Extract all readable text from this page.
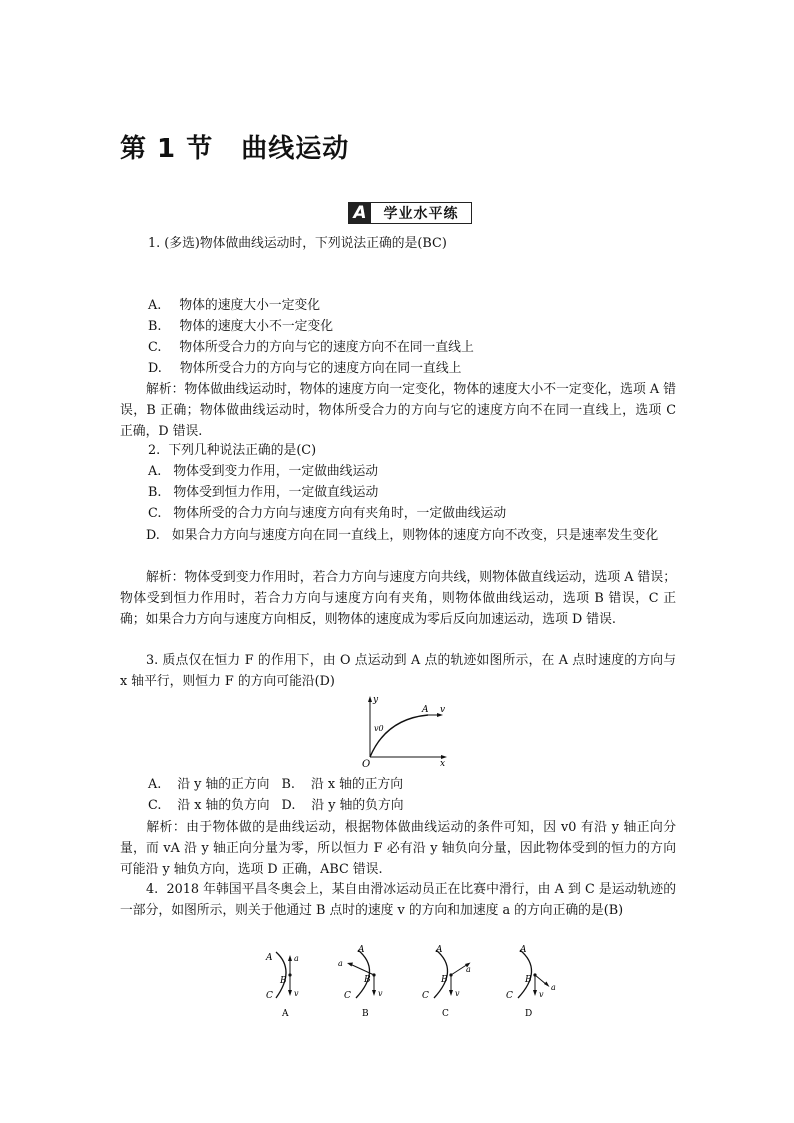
第 1 节 曲线运动
A	学业水平练
1. (多选)物体做曲线运动时，下列说法正确的是(BC)
A. 物体的速度大小一定变化
B. 物体的速度大小不一定变化
C. 物体所受合力的方向与它的速度方向不在同一直线上
D. 物体所受合力的方向与它的速度方向在同一直线上
解析：物体做曲线运动时，物体的速度方向一定变化，物体的速度大小不一定变化，选项 A 错误，B 正确；物体做曲线运动时，物体所受合力的方向与它的速度方向不在同一直线上，选项 C 正确，D 错误.
2.  下列几种说法正确的是(C)
A. 物体受到变力作用，一定做曲线运动
B. 物体受到恒力作用，一定做直线运动
C. 物体所受的合力方向与速度方向有夹角时，一定做曲线运动
D. 如果合力方向与速度方向在同一直线上，则物体的速度方向不改变，只是速率发生变化
解析：物体受到变力作用时，若合力方向与速度方向共线，则物体做直线运动，选项 A 错误；物体受到恒力作用时，若合力方向与速度方向有夹角，则物体做曲线运动，选项 B 错误，C 正确；如果合力方向与速度方向相反，则物体的速度成为零后反向加速运动，选项 D 错误.
3. 质点仅在恒力 F 的作用下，由 O 点运动到 A 点的轨迹如图所示，在 A 点时速度的方向与 x 轴平行，则恒力 F 的方向可能沿(D)
y
x
O
v0
A v
A. 沿 y 轴的正方向 B. 沿 x 轴的正方向
C. 沿 x 轴的负方向 D. 沿 y 轴的负方向
解析：由于物体做的是曲线运动，根据物体做曲线运动的条件可知，因 v0 有沿 y 轴正向分量，而 vA 沿 y 轴正向分量为零，所以恒力 F 必有沿 y 轴负向分量，因此物体受到的恒力的方向可能沿 y 轴负方向，选项 D 正确，ABC 错误.
4.  2018 年韩国平昌冬奥会上，某自由滑冰运动员正在比赛中滑行，由 A 到 C 是运动轨迹的一部分，如图所示，则关于他通过 B 点时的速度 v 的方向和加速度 a 的方向正确的是(B)
A	a
B
C	v
A
A
a
B
C	v
B
A
a
B
C	v
C
A
B
C	v
a
D
